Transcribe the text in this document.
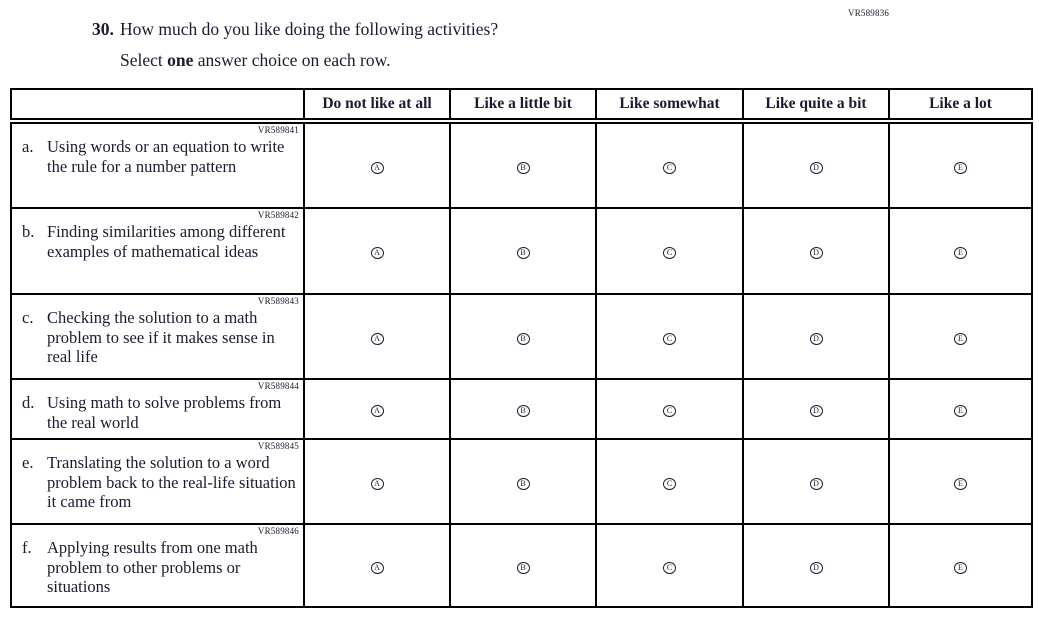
VR589836
30. How much do you like doing the following activities?
Select one answer choice on each row.
	Do not like at all	Like a little bit	Like somewhat	Like quite a bit	Like a lot

VR589841
a. Using words or an equation to write the rule for a number pattern	A	B	C	D	E

VR589842
b. Finding similarities among different examples of mathematical ideas	A	B	C	D	E

VR589843
c. Checking the solution to a math problem to see if it makes sense in real life	A	B	C	D	E

VR589844
d. Using math to solve problems from the real world	A	B	C	D	E

VR589845
e. Translating the solution to a word problem back to the real-life situation it came from	A	B	C	D	E

VR589846
f. Applying results from one math problem to other problems or situations	A	B	C	D	E
